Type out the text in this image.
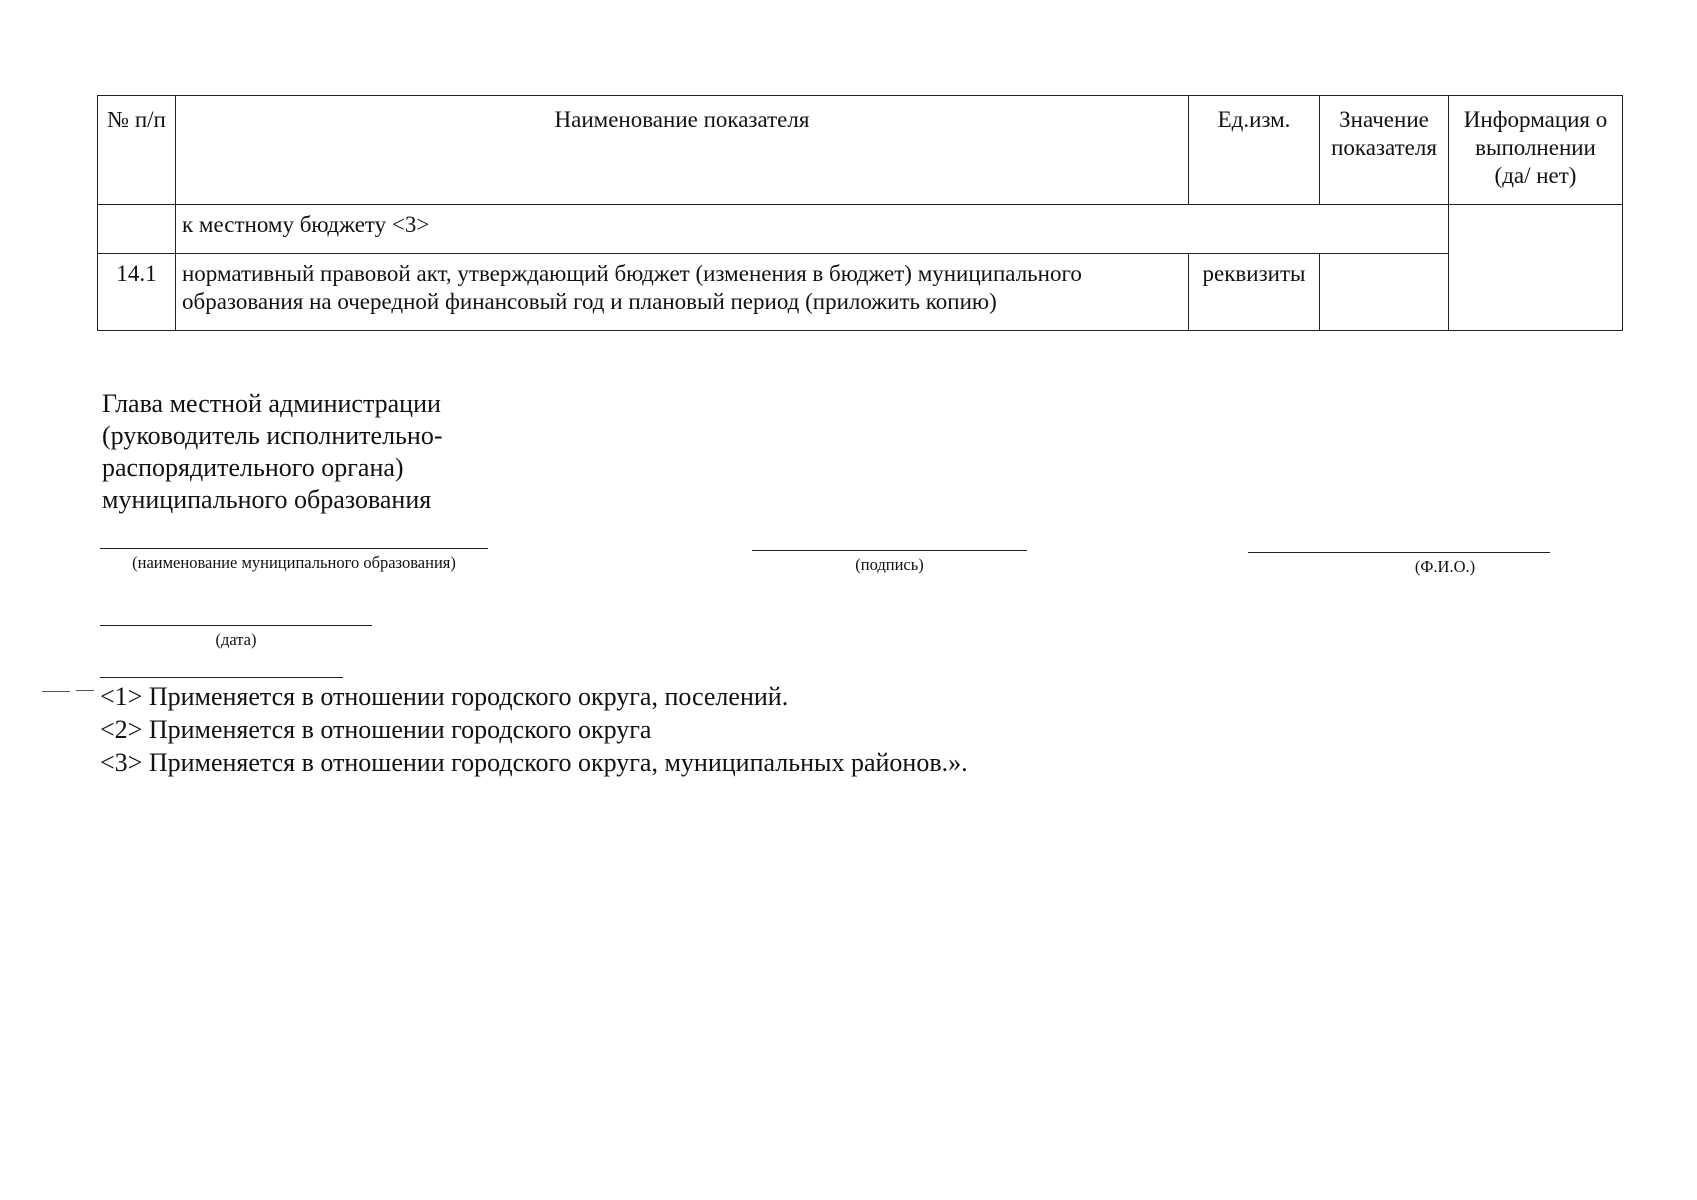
№ п/п	Наименование показателя	Ед.изм.	Значение показателя	Информация о выполнении (да/ нет)
	к местному бюджету <3>			
14.1	нормативный правовой акт, утверждающий бюджет (изменения в бюджет) муниципального образования на очередной финансовый год и плановый период (приложить копию)	реквизиты		
Глава местной администрации
(руководитель исполнительно-
распорядительного органа)
муниципального образования
(наименование муниципального образования)	(подпись)	(Ф.И.О.)
(дата)
<1> Применяется в отношении городского округа, поселений.
<2> Применяется в отношении городского округа
<3> Применяется в отношении городского округа, муниципальных районов.».
